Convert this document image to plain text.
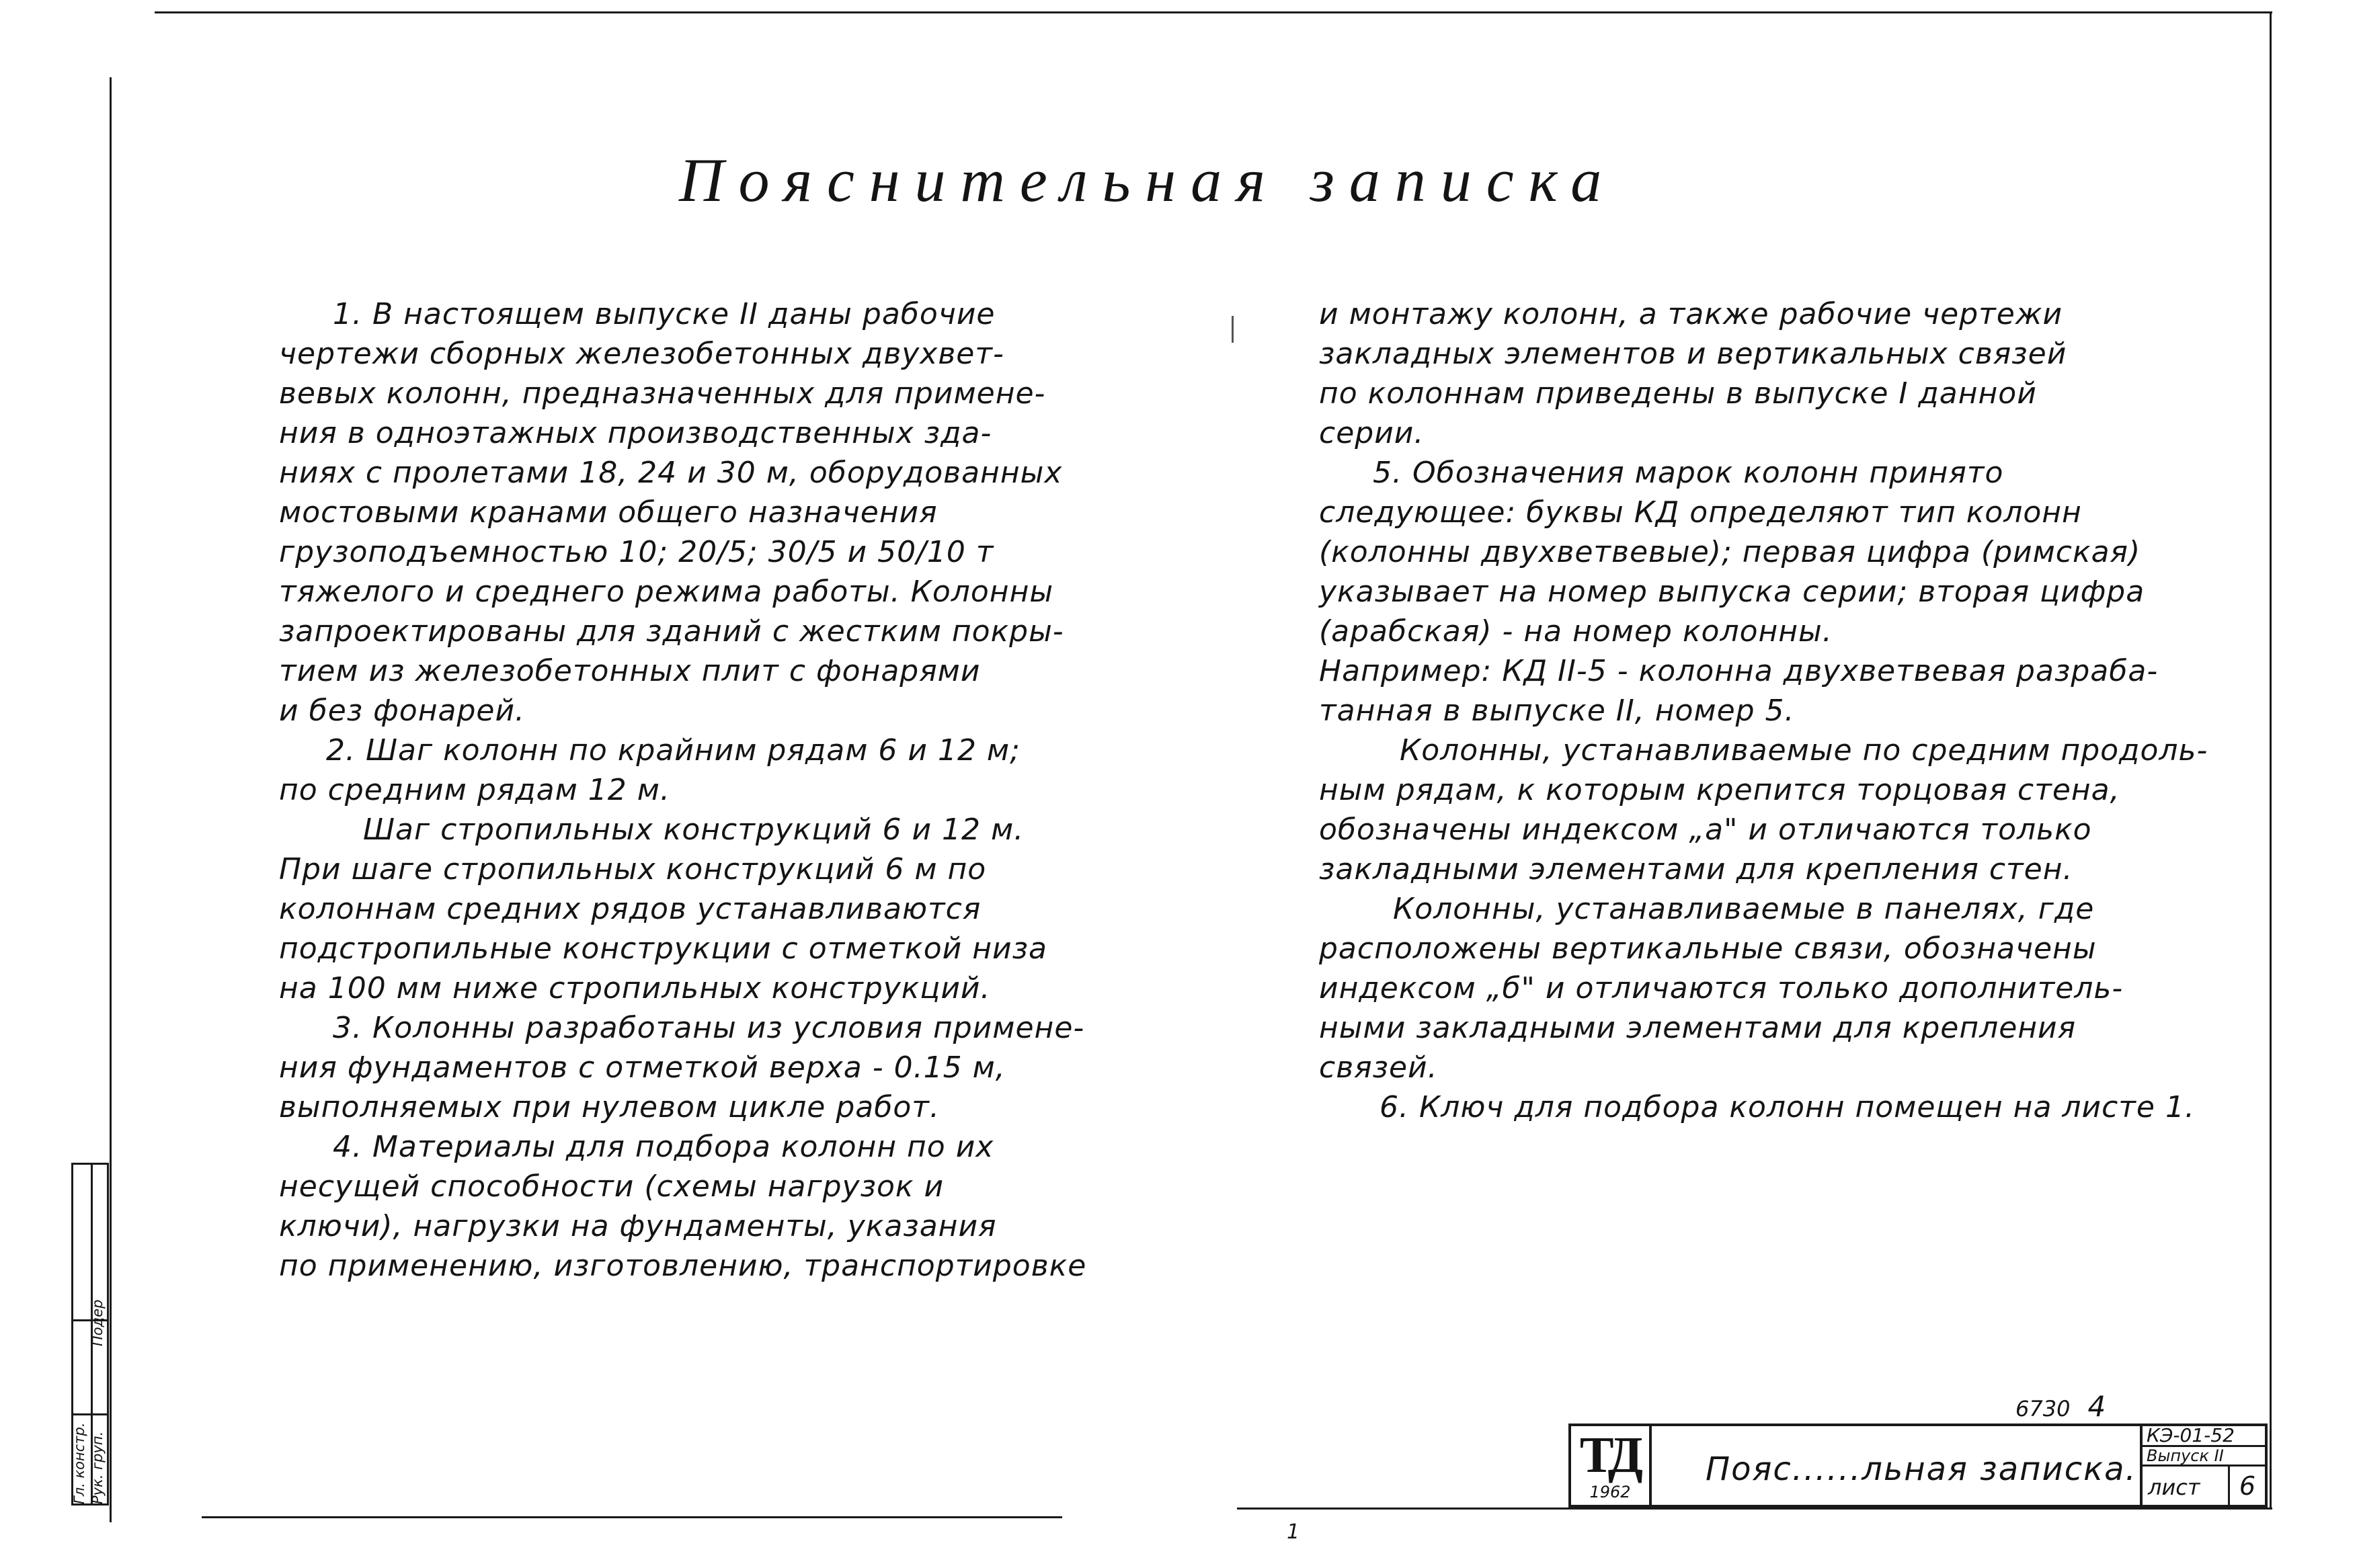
Пояснительная записка

1. В настоящем выпуске II даны рабочие

чертежи сборных железобетонных двухвет-

вевых колонн, предназначенных для примене-

ния в одноэтажных производственных зда-

ниях с пролетами 18, 24 и 30 м, оборудованных

мостовыми кранами общего назначения

грузоподъемностью 10; 20/5; 30/5 и 50/10 т

тяжелого и среднего режима работы. Колонны

запроектированы для зданий с жестким покры-

тием из железобетонных плит с фонарями

и без фонарей.

2. Шаг колонн по крайним рядам 6 и 12 м;

по средним рядам 12 м.

Шаг стропильных конструкций 6 и 12 м.

При шаге стропильных конструкций 6 м по

колоннам средних рядов устанавливаются

подстропильные конструкции с отметкой низа

на 100 мм ниже стропильных конструкций.

3. Колонны разработаны из условия примене-

ния фундаментов с отметкой верха - 0.15 м,

выполняемых при нулевом цикле работ.

4. Материалы для подбора колонн по их

несущей способности (схемы нагрузок и

ключи), нагрузки на фундаменты, указания

по применению, изготовлению, транспортировке

и монтажу колонн, а также рабочие чертежи

закладных элементов и вертикальных связей

по колоннам приведены в выпуске I данной

серии.

5. Обозначения марок колонн принято

следующее: буквы КД определяют тип колонн

(колонны двухветвевые); первая цифра (римская)

указывает на номер выпуска серии; вторая цифра

(арабская) - на номер колонны.

Например: КД II-5 - колонна двухветвевая разраба-

танная в выпуске II, номер 5.

Колонны, устанавливаемые по средним продоль-

ным рядам, к которым крепится торцовая стена,

обозначены индексом „а" и отличаются только

закладными элементами для крепления стен.

Колонны, устанавливаемые в панелях, где

расположены вертикальные связи, обозначены

индексом „б" и отличаются только дополнитель-

ными закладными элементами для крепления

связей.

6. Ключ для подбора колонн помещен на листе 1.

6730 4
ТД
1962
Пояс......льная записка.
КЭ-01-52
Выпуск II
лист	6
1
Гл. констр. Рук. груп. Подер
